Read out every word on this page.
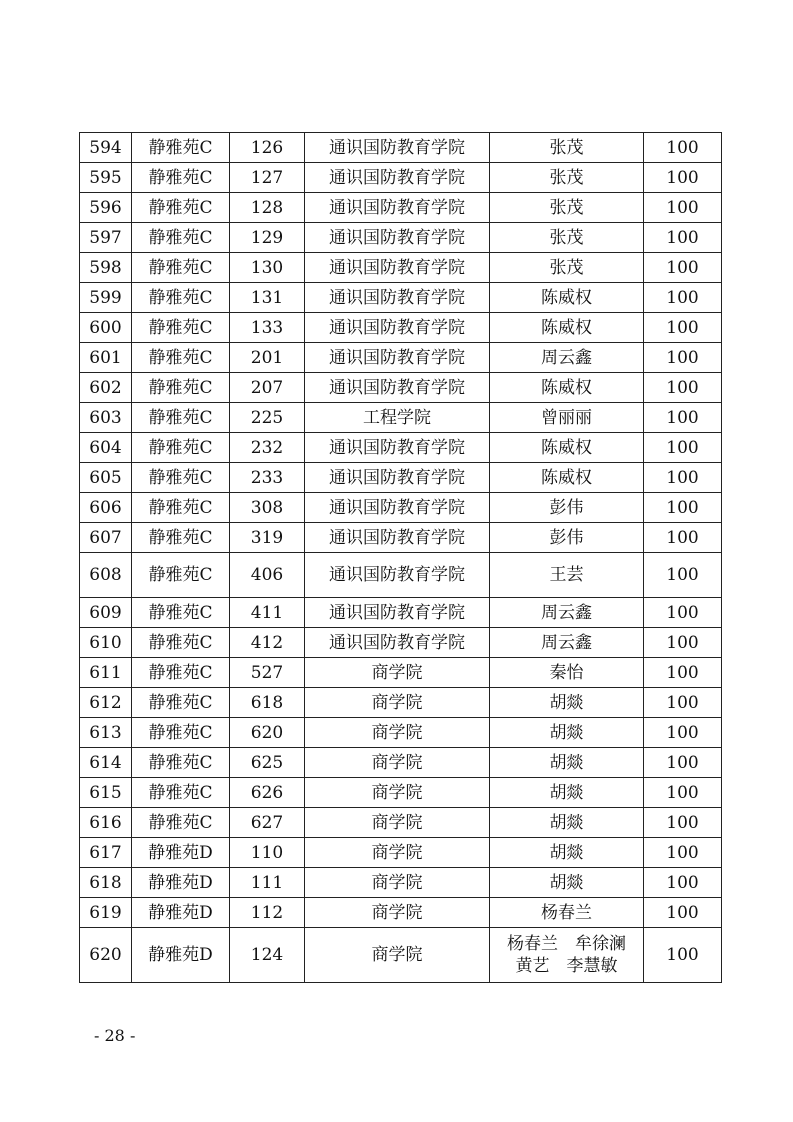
594	静雅苑C	126	通识国防教育学院	张茂	100
595	静雅苑C	127	通识国防教育学院	张茂	100
596	静雅苑C	128	通识国防教育学院	张茂	100
597	静雅苑C	129	通识国防教育学院	张茂	100
598	静雅苑C	130	通识国防教育学院	张茂	100
599	静雅苑C	131	通识国防教育学院	陈威权	100
600	静雅苑C	133	通识国防教育学院	陈威权	100
601	静雅苑C	201	通识国防教育学院	周云鑫	100
602	静雅苑C	207	通识国防教育学院	陈威权	100
603	静雅苑C	225	工程学院	曾丽丽	100
604	静雅苑C	232	通识国防教育学院	陈威权	100
605	静雅苑C	233	通识国防教育学院	陈威权	100
606	静雅苑C	308	通识国防教育学院	彭伟	100
607	静雅苑C	319	通识国防教育学院	彭伟	100
608	静雅苑C	406	通识国防教育学院	王芸	100
609	静雅苑C	411	通识国防教育学院	周云鑫	100
610	静雅苑C	412	通识国防教育学院	周云鑫	100
611	静雅苑C	527	商学院	秦怡	100
612	静雅苑C	618	商学院	胡燚	100
613	静雅苑C	620	商学院	胡燚	100
614	静雅苑C	625	商学院	胡燚	100
615	静雅苑C	626	商学院	胡燚	100
616	静雅苑C	627	商学院	胡燚	100
617	静雅苑D	110	商学院	胡燚	100
618	静雅苑D	111	商学院	胡燚	100
619	静雅苑D	112	商学院	杨春兰	100
620	静雅苑D	124	商学院	杨春兰　牟徐澜
黄艺　李慧敏	100
- 28 -
